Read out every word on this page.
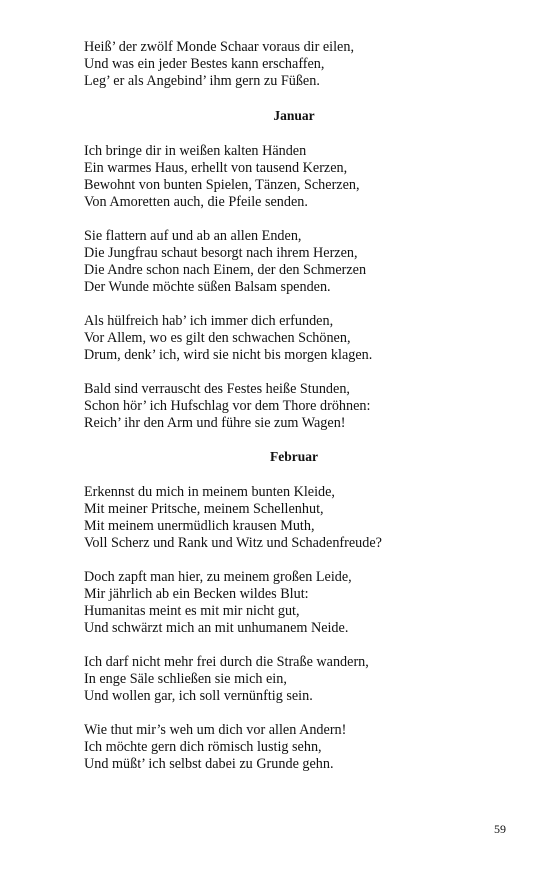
Heiß’ der zwölf Monde Schaar voraus dir eilen,
Und was ein jeder Bestes kann erschaffen,
Leg’ er als Angebind’ ihm gern zu Füßen.
Januar
Ich bringe dir in weißen kalten Händen
Ein warmes Haus, erhellt von tausend Kerzen,
Bewohnt von bunten Spielen, Tänzen, Scherzen,
Von Amoretten auch, die Pfeile senden.
Sie flattern auf und ab an allen Enden,
Die Jungfrau schaut besorgt nach ihrem Herzen,
Die Andre schon nach Einem, der den Schmerzen
Der Wunde möchte süßen Balsam spenden.
Als hülfreich hab’ ich immer dich erfunden,
Vor Allem, wo es gilt den schwachen Schönen,
Drum, denk’ ich, wird sie nicht bis morgen klagen.
Bald sind verrauscht des Festes heiße Stunden,
Schon hör’ ich Hufschlag vor dem Thore dröhnen:
Reich’ ihr den Arm und führe sie zum Wagen!
Februar
Erkennst du mich in meinem bunten Kleide,
Mit meiner Pritsche, meinem Schellenhut,
Mit meinem unermüdlich krausen Muth,
Voll Scherz und Rank und Witz und Schadenfreude?
Doch zapft man hier, zu meinem großen Leide,
Mir jährlich ab ein Becken wildes Blut:
Humanitas meint es mit mir nicht gut,
Und schwärzt mich an mit unhumanem Neide.
Ich darf nicht mehr frei durch die Straße wandern,
In enge Säle schließen sie mich ein,
Und wollen gar, ich soll vernünftig sein.
Wie thut mir’s weh um dich vor allen Andern!
Ich möchte gern dich römisch lustig sehn,
Und müßt’ ich selbst dabei zu Grunde gehn.
59
